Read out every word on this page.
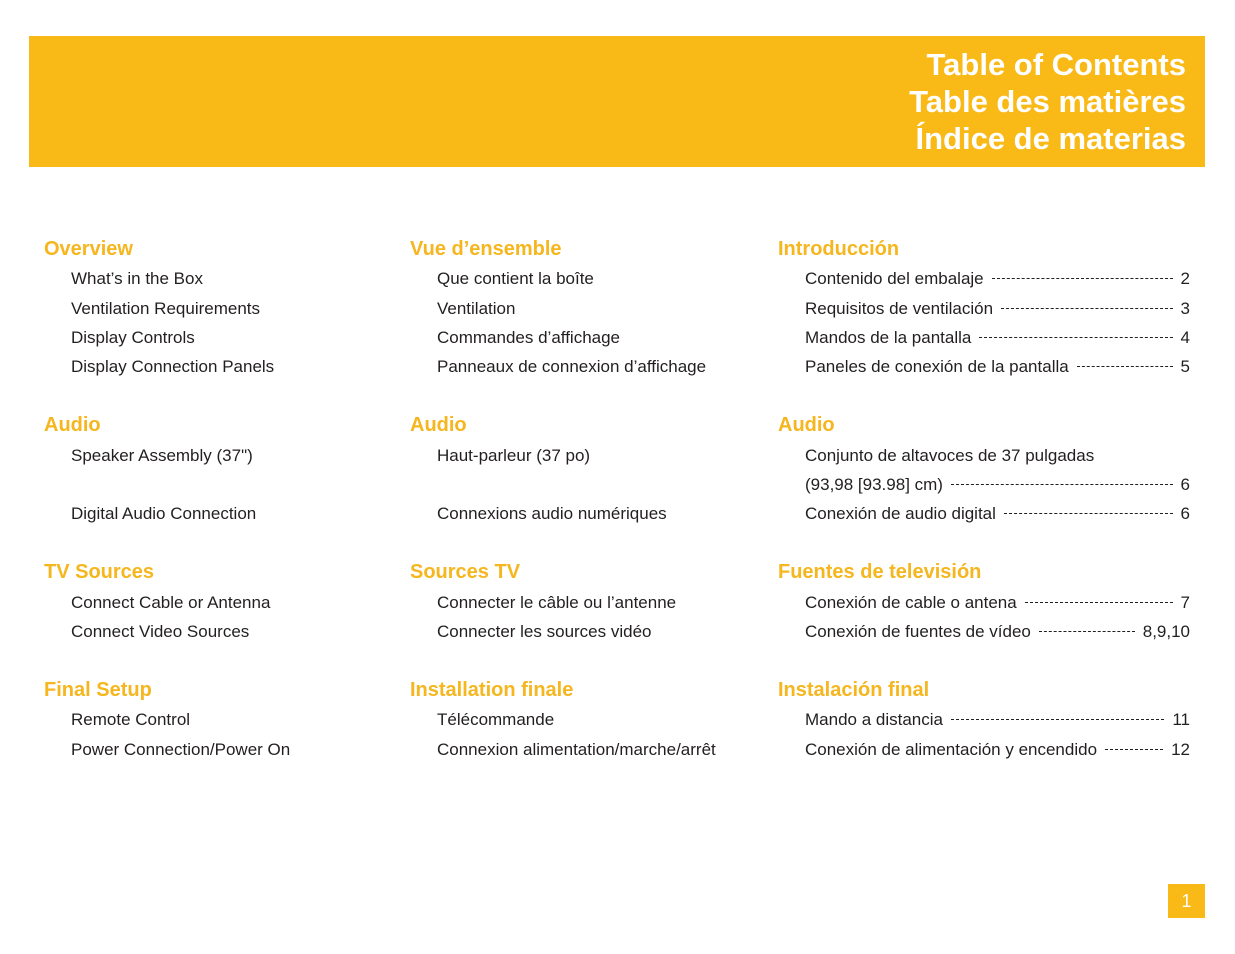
Table of Contents
Table des matières
Índice de materias
Overview
What’s in the Box
Ventilation Requirements
Display Controls
Display Connection Panels
Audio
Speaker Assembly (37")
Digital Audio Connection
TV Sources
Connect Cable or Antenna
Connect Video Sources
Final Setup
Remote Control
Power Connection/Power On
Vue d’ensemble
Que contient la boîte
Ventilation
Commandes d’affichage
Panneaux de connexion d’affichage
Audio
Haut-parleur (37 po)
Connexions audio numériques
Sources TV
Connecter le câble ou l’antenne
Connecter les sources vidéo
Installation finale
Télécommande
Connexion alimentation/marche/arrêt
Introducción
Contenido del embalaje	2
Requisitos de ventilación	3
Mandos de la pantalla	4
Paneles de conexión de la pantalla	5
Audio
Conjunto de altavoces de 37 pulgadas
(93,98 [93.98] cm)	6
Conexión de audio digital	6
Fuentes de televisión
Conexión de cable o antena	7
Conexión de fuentes de vídeo	8,9,10
Instalación final
Mando a distancia	11
Conexión de alimentación y encendido	12
1
